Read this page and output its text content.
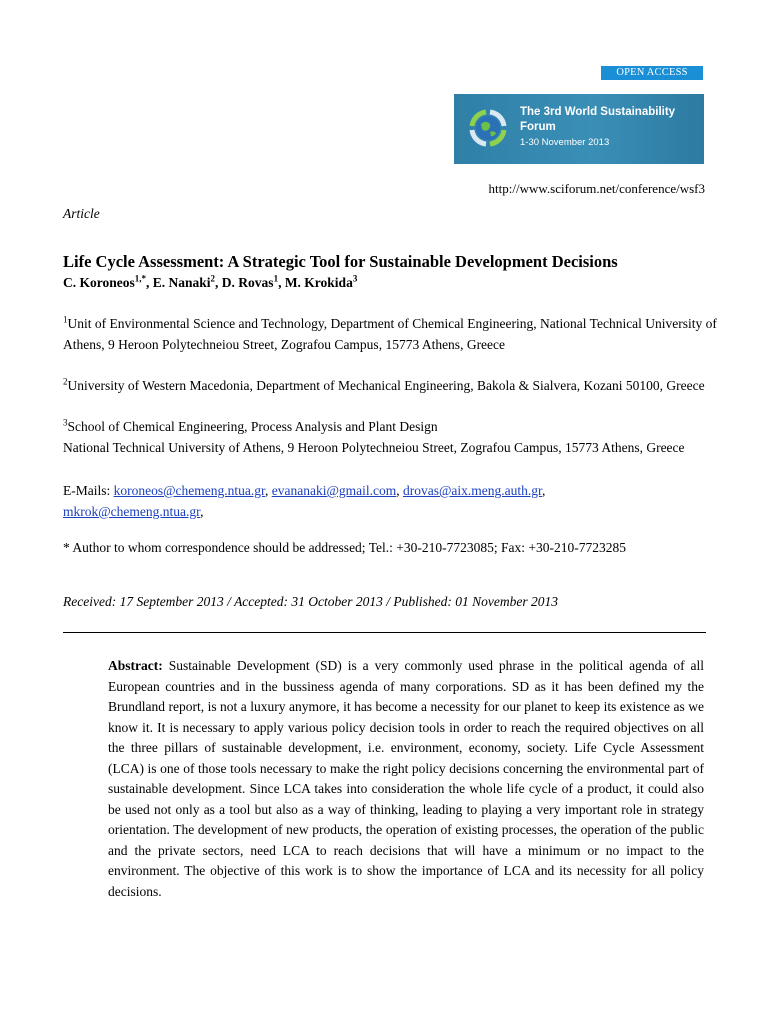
OPEN ACCESS
The 3rd World Sustainability
Forum
1-30 November 2013
http://www.sciforum.net/conference/wsf3
Article
Life Cycle Assessment: A Strategic Tool for Sustainable Development Decisions
C. Koroneos$^{1,*}$, E. Nanaki$^2$, D. Rovas$^1$, M. Krokida$^3$
$^1$Unit of Environmental Science and Technology, Department of Chemical Engineering, National Technical University of Athens, 9 Heroon Polytechneiou Street, Zografou Campus, 15773 Athens, Greece
$^2$University of Western Macedonia, Department of Mechanical Engineering, Bakola & Sialvera, Kozani 50100, Greece
$^3$School of Chemical Engineering, Process Analysis and Plant Design
National Technical University of Athens, 9 Heroon Polytechneiou Street, Zografou Campus, 15773 Athens, Greece
E-Mails: koroneos@chemeng.ntua.gr, evananaki@gmail.com, drovas@aix.meng.auth.gr,
mkrok@chemeng.ntua.gr,
* Author to whom correspondence should be addressed; Tel.: +30-210-7723085; Fax: +30-210-7723285
Received: 17 September 2013 / Accepted: 31 October 2013 / Published: 01 November 2013
Abstract: Sustainable Development (SD) is a very commonly used phrase in the political agenda of all European countries and in the bussiness agenda of many corporations. SD as it has been defined my the Brundland report, is not a luxury anymore, it has become a necessity for our planet to keep its existence as we know it. It is necessary to apply various policy decision tools in order to reach the required objectives on all the three pillars of sustainable development, i.e. environment, economy, society. Life Cycle Assessment (LCA) is one of those tools necessary to make the right policy decisions concerning the environmental part of sustainable development. Since LCA takes into consideration the whole life cycle of a product, it could also be used not only as a tool but also as a way of thinking, leading to playing a very important role in strategy orientation. The development of new products, the operation of existing processes, the operation of the public and the private sectors, need LCA to reach decisions that will have a minimum or no impact to the environment. The objective of this work is to show the importance of LCA and its necessity for all policy decisions.
